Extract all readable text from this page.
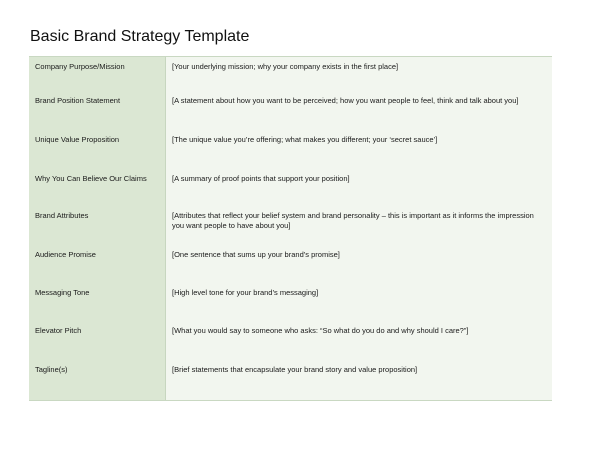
Basic Brand Strategy Template
Company Purpose/Mission	[Your underlying mission; why your company exists in the first place]
Brand Position Statement	[A statement about how you want to be perceived; how you want people to feel, think and talk about you]
Unique Value Proposition	[The unique value you’re offering; what makes you different; your ‘secret sauce’]
Why You Can Believe Our Claims	[A summary of proof points that support your position]
Brand Attributes	[Attributes that reflect your belief system and brand personality – this is important as it informs the impression you want people to have about you]
Audience Promise	[One sentence that sums up your brand’s promise]
Messaging Tone	[High level tone for your brand’s messaging]
Elevator Pitch	[What you would say to someone who asks: “So what do you do and why should I care?”]
Tagline(s)	[Brief statements that encapsulate your brand story and value proposition]
